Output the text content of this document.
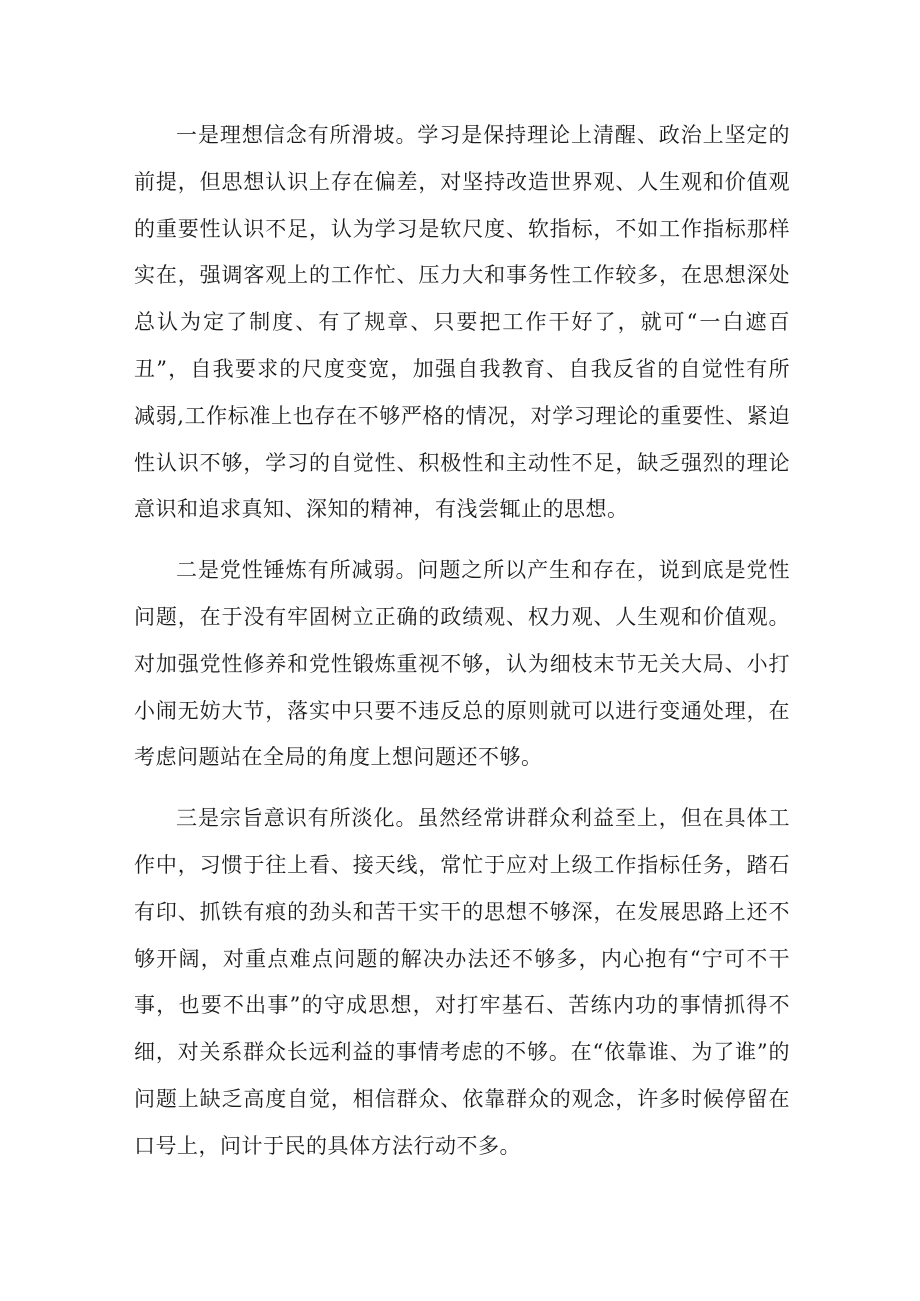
一是理想信念有所滑坡。学习是保持理论上清醒、政治上坚定的前提，但思想认识上存在偏差，对坚持改造世界观、人生观和价值观的重要性认识不足，认为学习是软尺度、软指标，不如工作指标那样实在，强调客观上的工作忙、压力大和事务性工作较多，在思想深处总认为定了制度、有了规章、只要把工作干好了，就可“一白遮百丑”，自我要求的尺度变宽，加强自我教育、自我反省的自觉性有所减弱,工作标准上也存在不够严格的情况，对学习理论的重要性、紧迫性认识不够，学习的自觉性、积极性和主动性不足，缺乏强烈的理论意识和追求真知、深知的精神，有浅尝辄止的思想。

二是党性锤炼有所减弱。问题之所以产生和存在，说到底是党性问题，在于没有牢固树立正确的政绩观、权力观、人生观和价值观。对加强党性修养和党性锻炼重视不够，认为细枝末节无关大局、小打小闹无妨大节，落实中只要不违反总的原则就可以进行变通处理，在考虑问题站在全局的角度上想问题还不够。

三是宗旨意识有所淡化。虽然经常讲群众利益至上，但在具体工作中，习惯于往上看、接天线，常忙于应对上级工作指标任务，踏石有印、抓铁有痕的劲头和苦干实干的思想不够深，在发展思路上还不够开阔，对重点难点问题的解决办法还不够多，内心抱有“宁可不干事，也要不出事”的守成思想，对打牢基石、苦练内功的事情抓得不细，对关系群众长远利益的事情考虑的不够。在“依靠谁、为了谁”的问题上缺乏高度自觉，相信群众、依靠群众的观念，许多时候停留在口号上，问计于民的具体方法行动不多。
